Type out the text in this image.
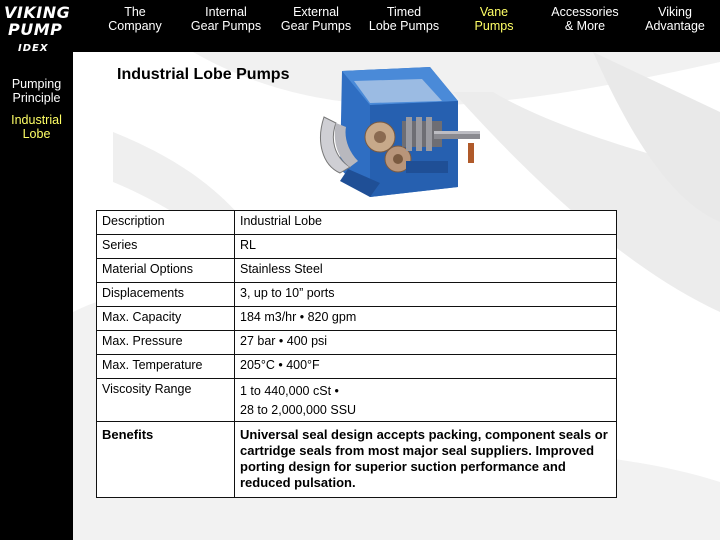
VIKING
PUMP
IDEX
Pumping
Principle
Industrial
Lobe
The
Company
Internal
Gear Pumps
External
Gear Pumps
Timed
Lobe Pumps
Vane
Pumps
Accessories
& More
Viking
Advantage
Industrial Lobe Pumps
Description	Industrial Lobe
Series	RL
Material Options	Stainless Steel
Displacements	3, up to 10” ports
Max. Capacity	184 m3/hr • 820 gpm
Max. Pressure	27 bar • 400 psi
Max. Temperature	205°C • 400°F
Viscosity Range	1 to 440,000 cSt •
28 to 2,000,000 SSU

Benefits	Universal seal design accepts packing, component seals or cartridge seals from most major seal suppliers. Improved porting design for superior suction performance and reduced pulsation.
